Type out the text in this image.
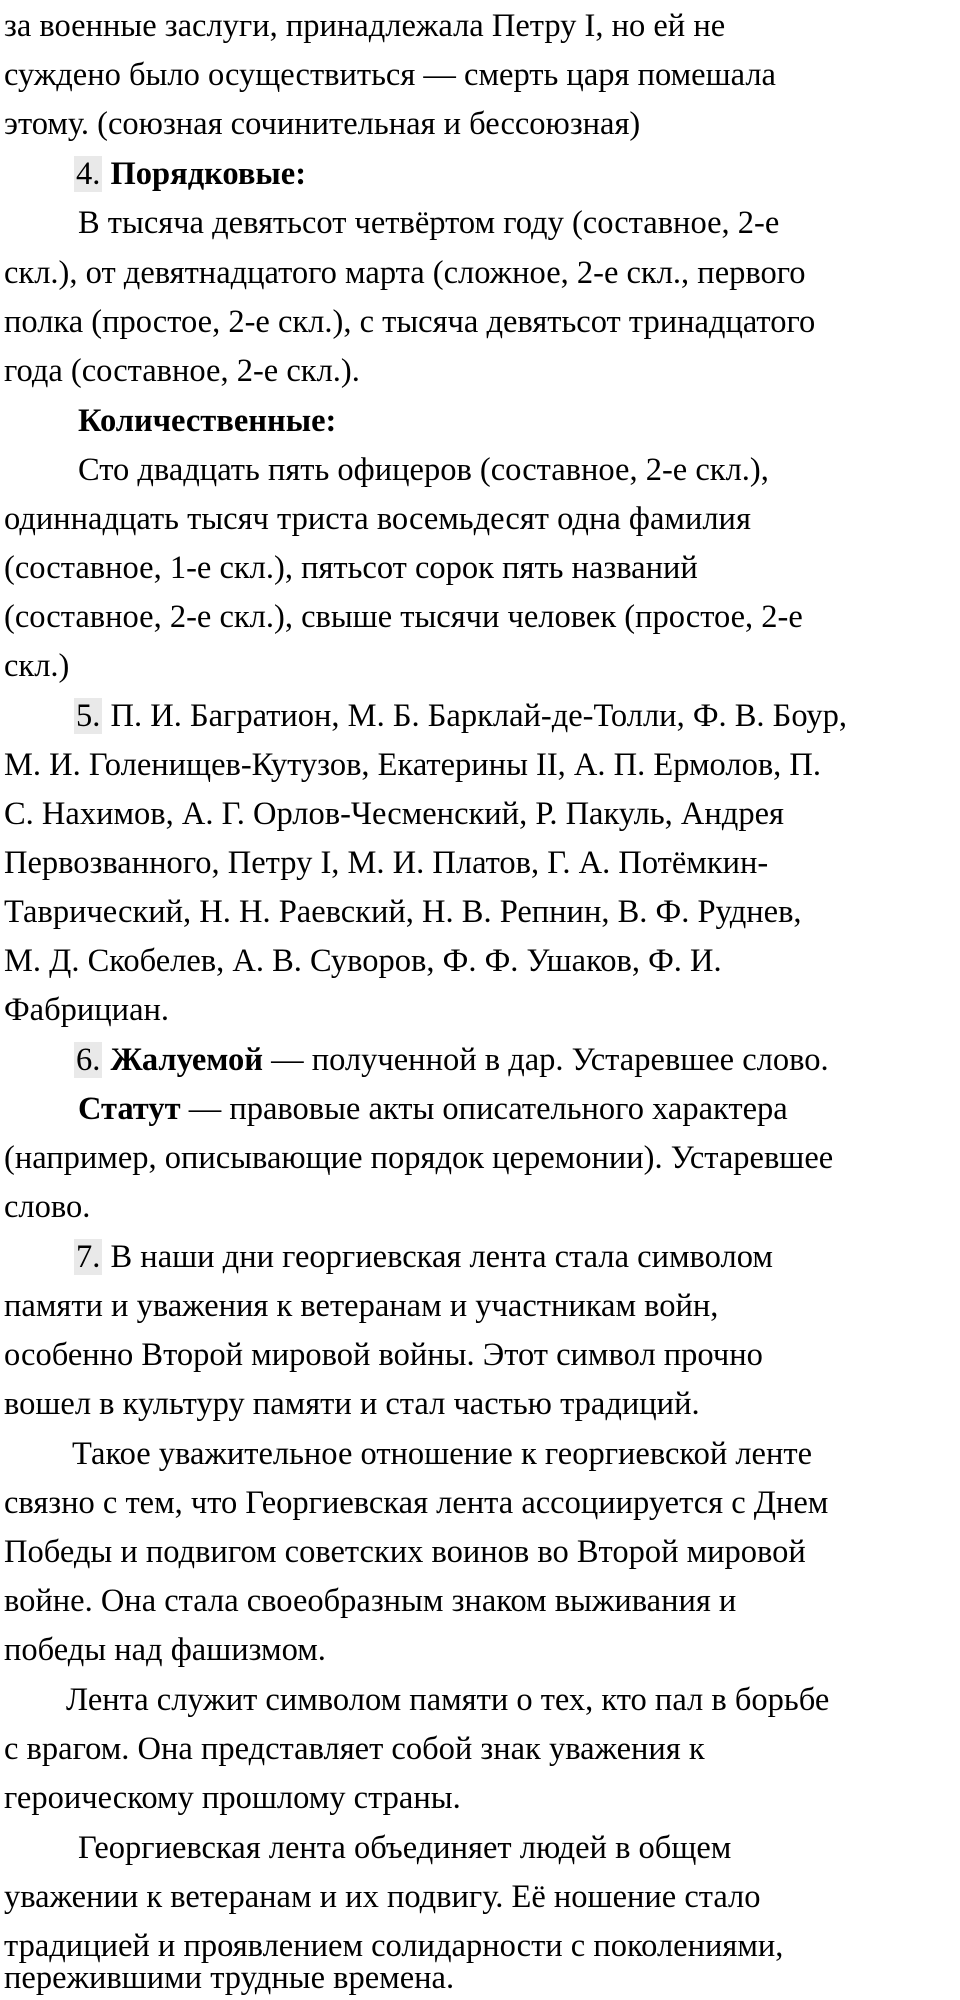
за военные заслуги, принадлежала Петру I, но ей не
суждено было осуществиться — смерть царя помешала
этому. (союзная сочинительная и бессоюзная)
4. Порядковые:
В тысяча девятьсот четвёртом году (составное, 2-е
скл.), от девятнадцатого марта (сложное, 2-е скл., первого
полка (простое, 2-е скл.), с тысяча девятьсот тринадцатого
года (составное, 2-е скл.).
Количественные:
Сто двадцать пять офицеров (составное, 2-е скл.),
одиннадцать тысяч триста восемьдесят одна фамилия
(составное, 1-е скл.), пятьсот сорок пять названий
(составное, 2-е скл.), свыше тысячи человек (простое, 2-е
скл.)
5. П. И. Багратион, М. Б. Барклай-де-Толли, Ф. В. Боур,
М. И. Голенищев-Кутузов, Екатерины II, А. П. Ермолов, П.
С. Нахимов, А. Г. Орлов-Чесменский, Р. Пакуль, Андрея
Первозванного, Петру I, М. И. Платов, Г. А. Потёмкин-
Таврический, Н. Н. Раевский, Н. В. Репнин, В. Ф. Руднев,
М. Д. Скобелев, А. В. Суворов, Ф. Ф. Ушаков, Ф. И.
Фабрициан.
6. Жалуемой — полученной в дар. Устаревшее слово.
Статут — правовые акты описательного характера
(например, описывающие порядок церемонии). Устаревшее
слово.
7. В наши дни георгиевская лента стала символом
памяти и уважения к ветеранам и участникам войн,
особенно Второй мировой войны. Этот символ прочно
вошел в культуру памяти и стал частью традиций.
Такое уважительное отношение к георгиевской ленте
связно с тем, что Георгиевская лента ассоциируется с Днем
Победы и подвигом советских воинов во Второй мировой
войне. Она стала своеобразным знаком выживания и
победы над фашизмом.
Лента служит символом памяти о тех, кто пал в борьбе
с врагом. Она представляет собой знак уважения к
героическому прошлому страны.
Георгиевская лента объединяет людей в общем
уважении к ветеранам и их подвигу. Её ношение стало
традицией и проявлением солидарности с поколениями,
пережившими трудные времена.
